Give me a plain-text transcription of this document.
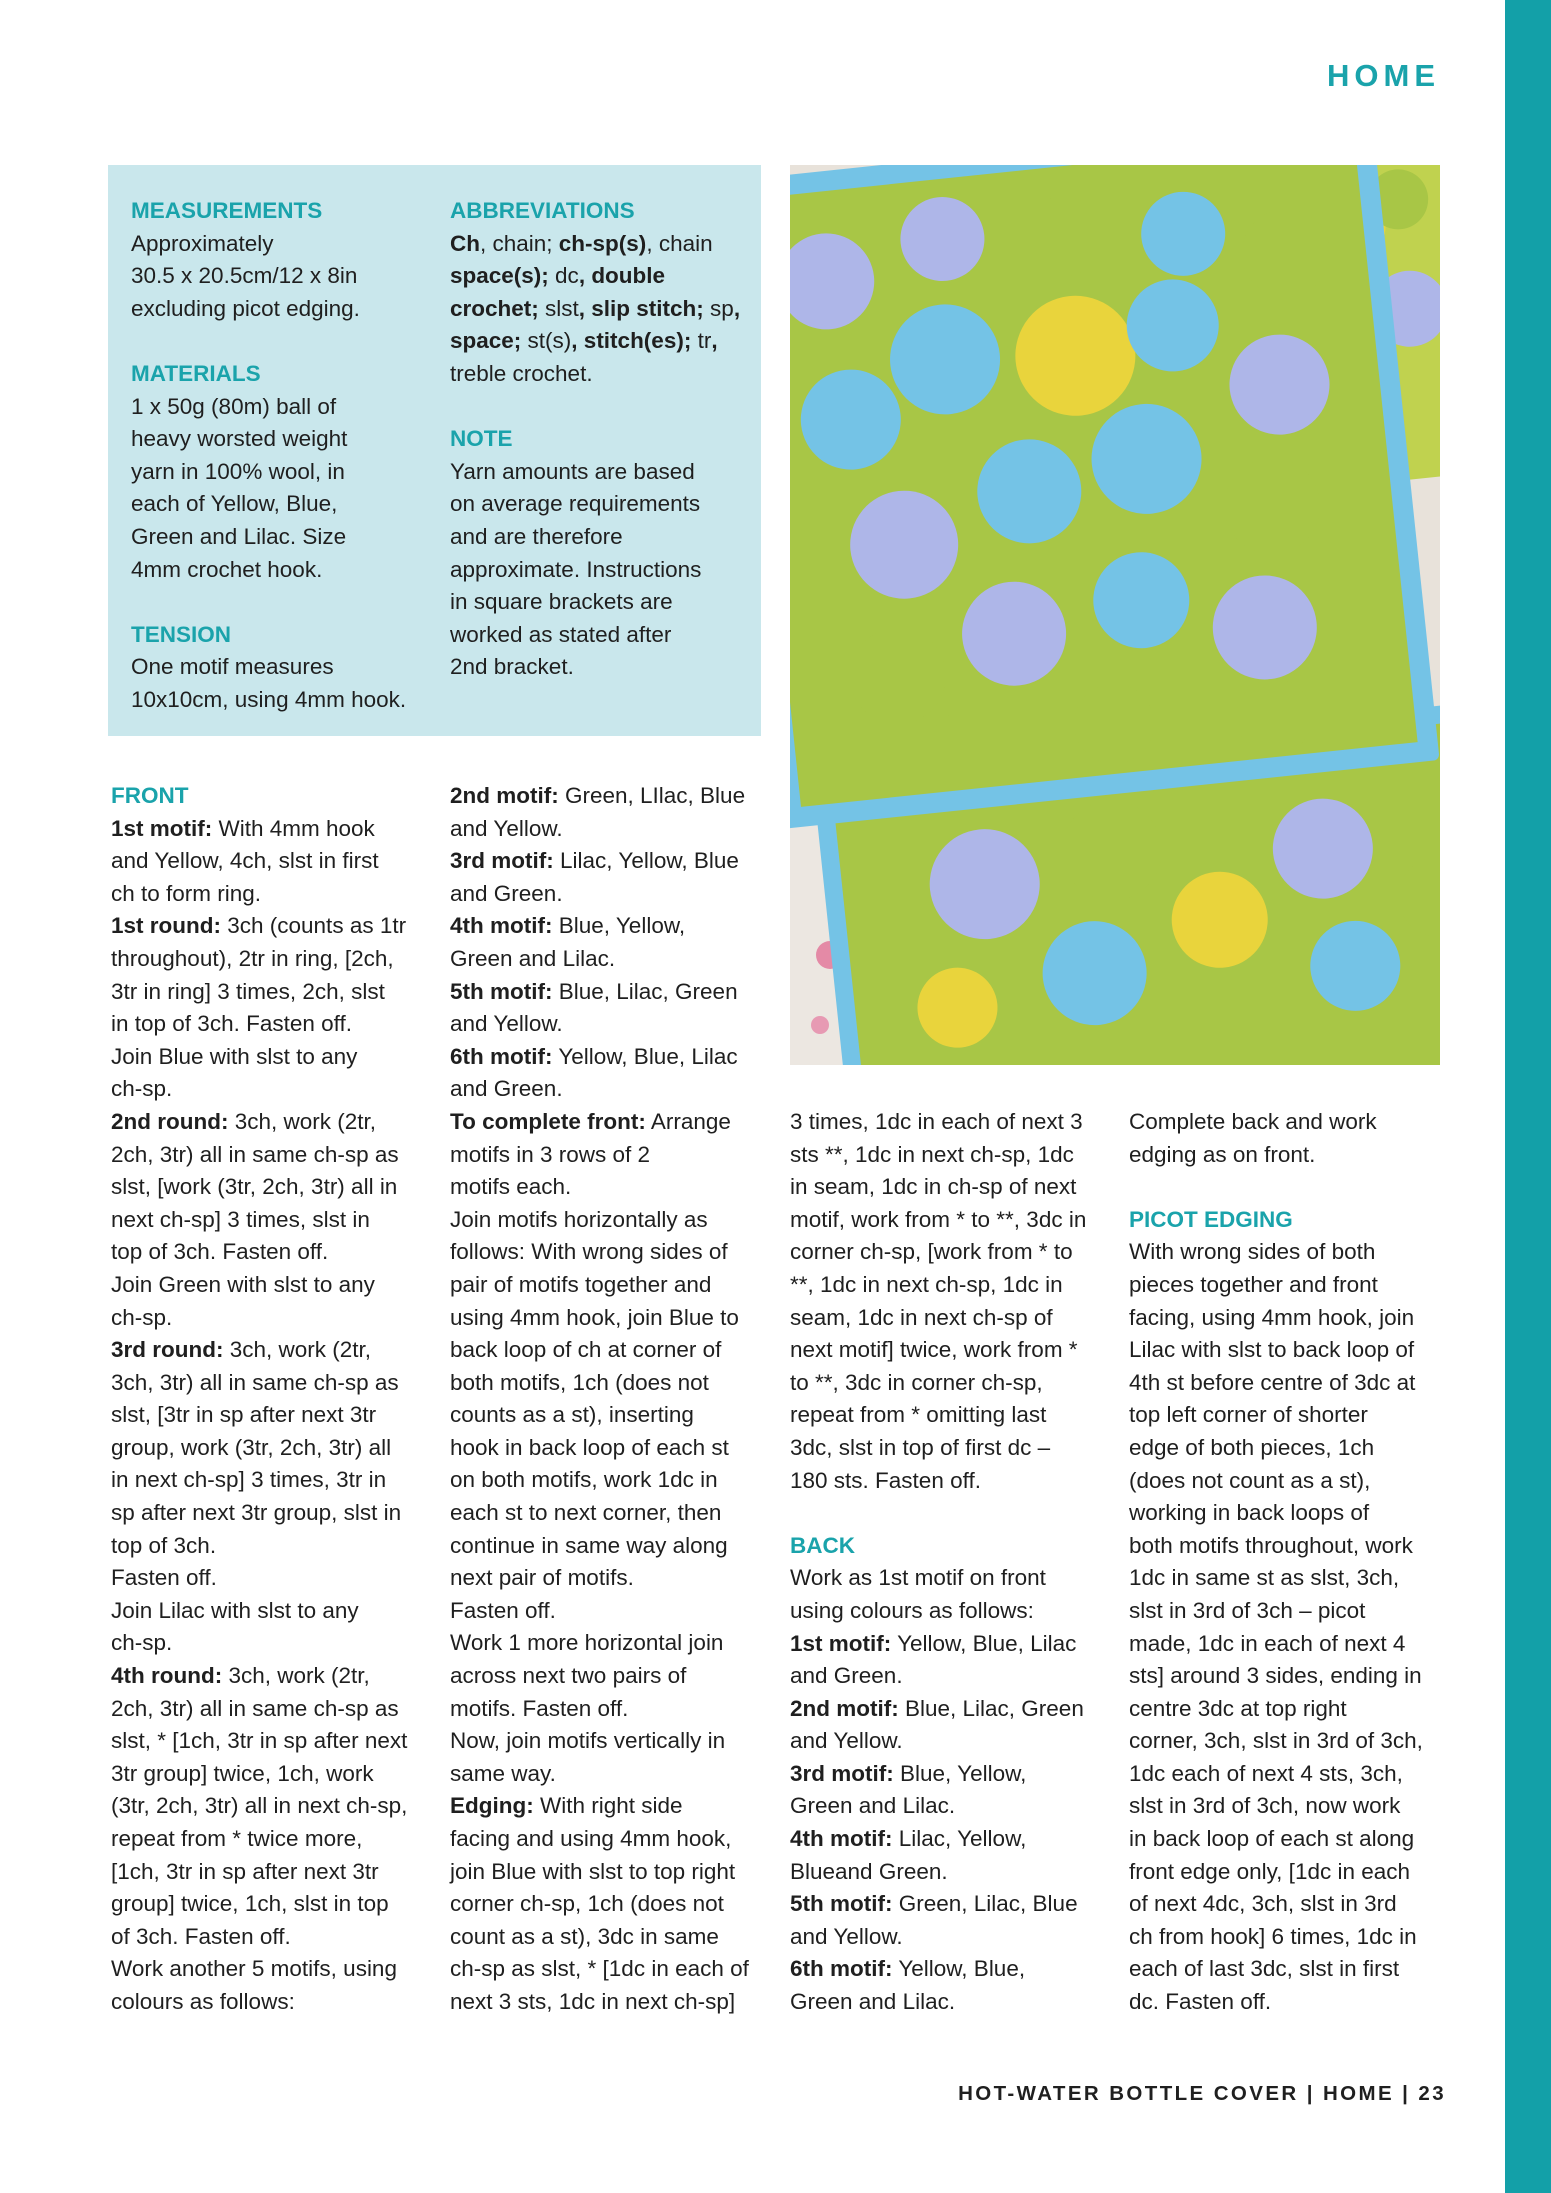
HOME

MEASUREMENTS

Approximately

30.5 x 20.5cm/12 x 8in

excluding picot edging.

MATERIALS

1 x 50g (80m) ball of

heavy worsted weight

yarn in 100% wool, in

each of Yellow, Blue,

Green and Lilac. Size

4mm crochet hook.

TENSION

One motif measures

10x10cm, using 4mm hook.

ABBREVIATIONS

Ch, chain; ch-sp(s), chain

space(s); dc, double

crochet; slst, slip stitch; sp,

space; st(s), stitch(es); tr,

treble crochet.

NOTE

Yarn amounts are based

on average requirements

and are therefore

approximate. Instructions

in square brackets are

worked as stated after

2nd bracket.

FRONT

1st motif: With 4mm hook

and Yellow, 4ch, slst in first

ch to form ring.

1st round: 3ch (counts as 1tr

throughout), 2tr in ring, [2ch,

3tr in ring] 3 times, 2ch, slst

in top of 3ch. Fasten off.

Join Blue with slst to any

ch-sp.

2nd round: 3ch, work (2tr,

2ch, 3tr) all in same ch-sp as

slst, [work (3tr, 2ch, 3tr) all in

next ch-sp] 3 times, slst in

top of 3ch. Fasten off.

Join Green with slst to any

ch-sp.

3rd round: 3ch, work (2tr,

3ch, 3tr) all in same ch-sp as

slst, [3tr in sp after next 3tr

group, work (3tr, 2ch, 3tr) all

in next ch-sp] 3 times, 3tr in

sp after next 3tr group, slst in

top of 3ch.

Fasten off.

Join Lilac with slst to any

ch-sp.

4th round: 3ch, work (2tr,

2ch, 3tr) all in same ch-sp as

slst, * [1ch, 3tr in sp after next

3tr group] twice, 1ch, work

(3tr, 2ch, 3tr) all in next ch-sp,

repeat from * twice more,

[1ch, 3tr in sp after next 3tr

group] twice, 1ch, slst in top

of 3ch. Fasten off.

Work another 5 motifs, using

colours as follows:

2nd motif: Green, LIlac, Blue

and Yellow.

3rd motif: Lilac, Yellow, Blue

and Green.

4th motif: Blue, Yellow,

Green and Lilac.

5th motif: Blue, Lilac, Green

and Yellow.

6th motif: Yellow, Blue, Lilac

and Green.

To complete front: Arrange

motifs in 3 rows of 2

motifs each.

Join motifs horizontally as

follows: With wrong sides of

pair of motifs together and

using 4mm hook, join Blue to

back loop of ch at corner of

both motifs, 1ch (does not

counts as a st), inserting

hook in back loop of each st

on both motifs, work 1dc in

each st to next corner, then

continue in same way along

next pair of motifs.

Fasten off.

Work 1 more horizontal join

across next two pairs of

motifs. Fasten off.

Now, join motifs vertically in

same way.

Edging: With right side

facing and using 4mm hook,

join Blue with slst to top right

corner ch-sp, 1ch (does not

count as a st), 3dc in same

ch-sp as slst, * [1dc in each of

next 3 sts, 1dc in next ch-sp]

3 times, 1dc in each of next 3

sts **, 1dc in next ch-sp, 1dc

in seam, 1dc in ch-sp of next

motif, work from * to **, 3dc in

corner ch-sp, [work from * to

**, 1dc in next ch-sp, 1dc in

seam, 1dc in next ch-sp of

next motif] twice, work from *

to **, 3dc in corner ch-sp,

repeat from * omitting last

3dc, slst in top of first dc –

180 sts. Fasten off.

BACK

Work as 1st motif on front

using colours as follows:

1st motif: Yellow, Blue, Lilac

and Green.

2nd motif: Blue, Lilac, Green

and Yellow.

3rd motif: Blue, Yellow,

Green and Lilac.

4th motif: Lilac, Yellow,

Blueand Green.

5th motif: Green, Lilac, Blue

and Yellow.

6th motif: Yellow, Blue,

Green and Lilac.

Complete back and work

edging as on front.

PICOT EDGING

With wrong sides of both

pieces together and front

facing, using 4mm hook, join

Lilac with slst to back loop of

4th st before centre of 3dc at

top left corner of shorter

edge of both pieces, 1ch

(does not count as a st),

working in back loops of

both motifs throughout, work

1dc in same st as slst, 3ch,

slst in 3rd of 3ch – picot

made, 1dc in each of next 4

sts] around 3 sides, ending in

centre 3dc at top right

corner, 3ch, slst in 3rd of 3ch,

1dc each of next 4 sts, 3ch,

slst in 3rd of 3ch, now work

in back loop of each st along

front edge only, [1dc in each

of next 4dc, 3ch, slst in 3rd

ch from hook] 6 times, 1dc in

each of last 3dc, slst in first

dc. Fasten off.

HOT-WATER BOTTLE COVER | HOME | 23
